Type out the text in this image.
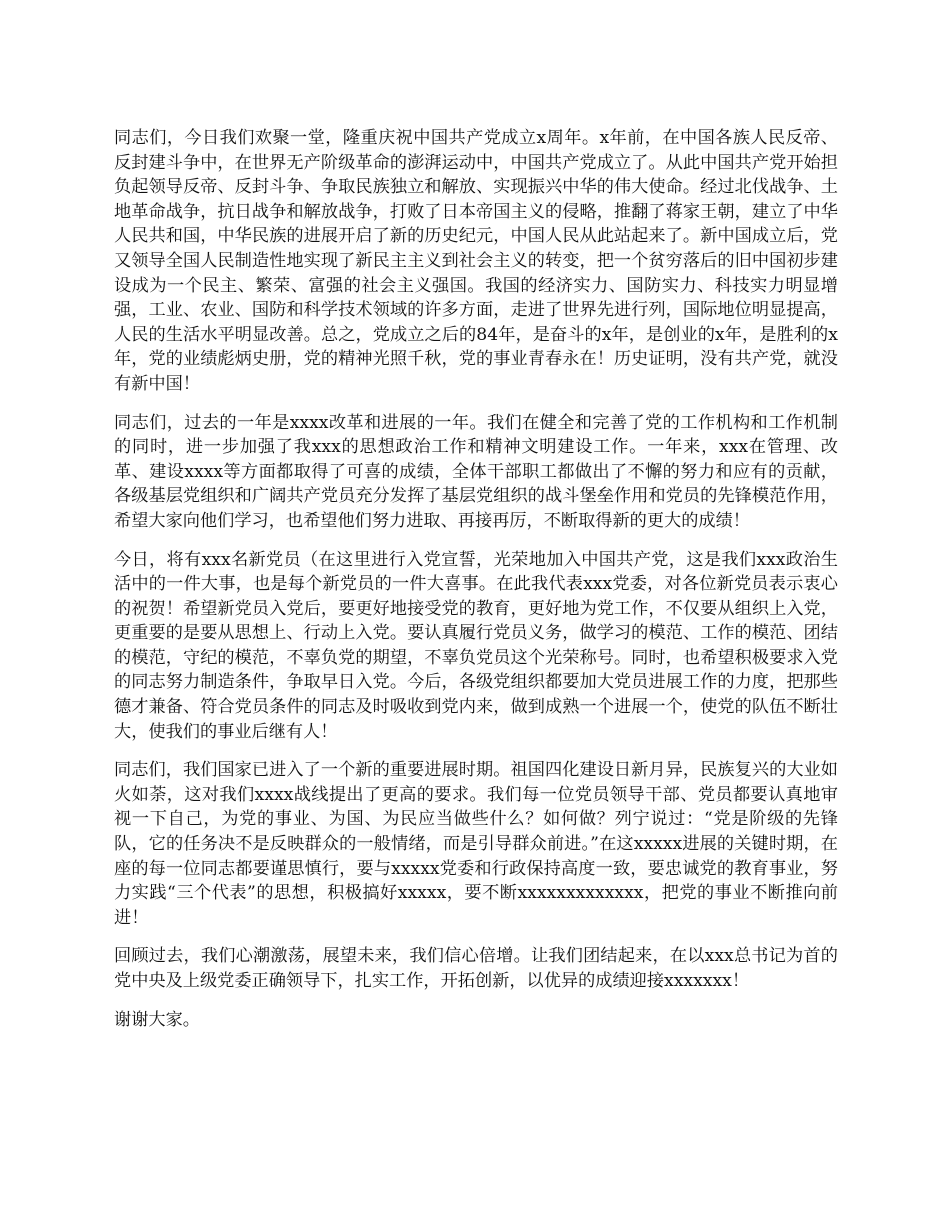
同志们，今日我们欢聚一堂，隆重庆祝中国共产党成立x周年。x年前，在中国各族人民反帝、反封建斗争中，在世界无产阶级革命的澎湃运动中，中国共产党成立了。从此中国共产党开始担负起领导反帝、反封斗争、争取民族独立和解放、实现振兴中华的伟大使命。经过北伐战争、土地革命战争，抗日战争和解放战争，打败了日本帝国主义的侵略，推翻了蒋家王朝，建立了中华人民共和国，中华民族的进展开启了新的历史纪元，中国人民从此站起来了。新中国成立后，党又领导全国人民制造性地实现了新民主主义到社会主义的转变，把一个贫穷落后的旧中国初步建设成为一个民主、繁荣、富强的社会主义强国。我国的经济实力、国防实力、科技实力明显增强，工业、农业、国防和科学技术领域的许多方面，走进了世界先进行列，国际地位明显提高，人民的生活水平明显改善。总之，党成立之后的84年，是奋斗的x年，是创业的x年，是胜利的x年，党的业绩彪炳史册，党的精神光照千秋，党的事业青春永在！历史证明，没有共产党，就没有新中国！

同志们，过去的一年是xxxx改革和进展的一年。我们在健全和完善了党的工作机构和工作机制的同时，进一步加强了我xxx的思想政治工作和精神文明建设工作。一年来，xxx在管理、改革、建设xxxx等方面都取得了可喜的成绩，全体干部职工都做出了不懈的努力和应有的贡献，各级基层党组织和广阔共产党员充分发挥了基层党组织的战斗堡垒作用和党员的先锋模范作用，希望大家向他们学习，也希望他们努力进取、再接再厉，不断取得新的更大的成绩！

今日，将有xxx名新党员（在这里进行入党宣誓，光荣地加入中国共产党，这是我们xxx政治生活中的一件大事，也是每个新党员的一件大喜事。在此我代表xxx党委，对各位新党员表示衷心的祝贺！希望新党员入党后，要更好地接受党的教育，更好地为党工作，不仅要从组织上入党，更重要的是要从思想上、行动上入党。要认真履行党员义务，做学习的模范、工作的模范、团结的模范，守纪的模范，不辜负党的期望，不辜负党员这个光荣称号。同时，也希望积极要求入党的同志努力制造条件，争取早日入党。今后，各级党组织都要加大党员进展工作的力度，把那些德才兼备、符合党员条件的同志及时吸收到党内来，做到成熟一个进展一个，使党的队伍不断壮大，使我们的事业后继有人！

同志们，我们国家已进入了一个新的重要进展时期。祖国四化建设日新月异，民族复兴的大业如火如荼，这对我们xxxx战线提出了更高的要求。我们每一位党员领导干部、党员都要认真地审视一下自己，为党的事业、为国、为民应当做些什么？如何做？列宁说过：“党是阶级的先锋队，它的任务决不是反映群众的一般情绪，而是引导群众前进。”在这xxxxx进展的关键时期，在座的每一位同志都要谨思慎行，要与xxxxx党委和行政保持高度一致，要忠诚党的教育事业，努力实践“三个代表”的思想，积极搞好xxxxx，要不断xxxxxxxxxxxxx，把党的事业不断推向前进！

回顾过去，我们心潮激荡，展望未来，我们信心倍增。让我们团结起来，在以xxx总书记为首的党中央及上级党委正确领导下，扎实工作，开拓创新，以优异的成绩迎接xxxxxxx！

谢谢大家。
